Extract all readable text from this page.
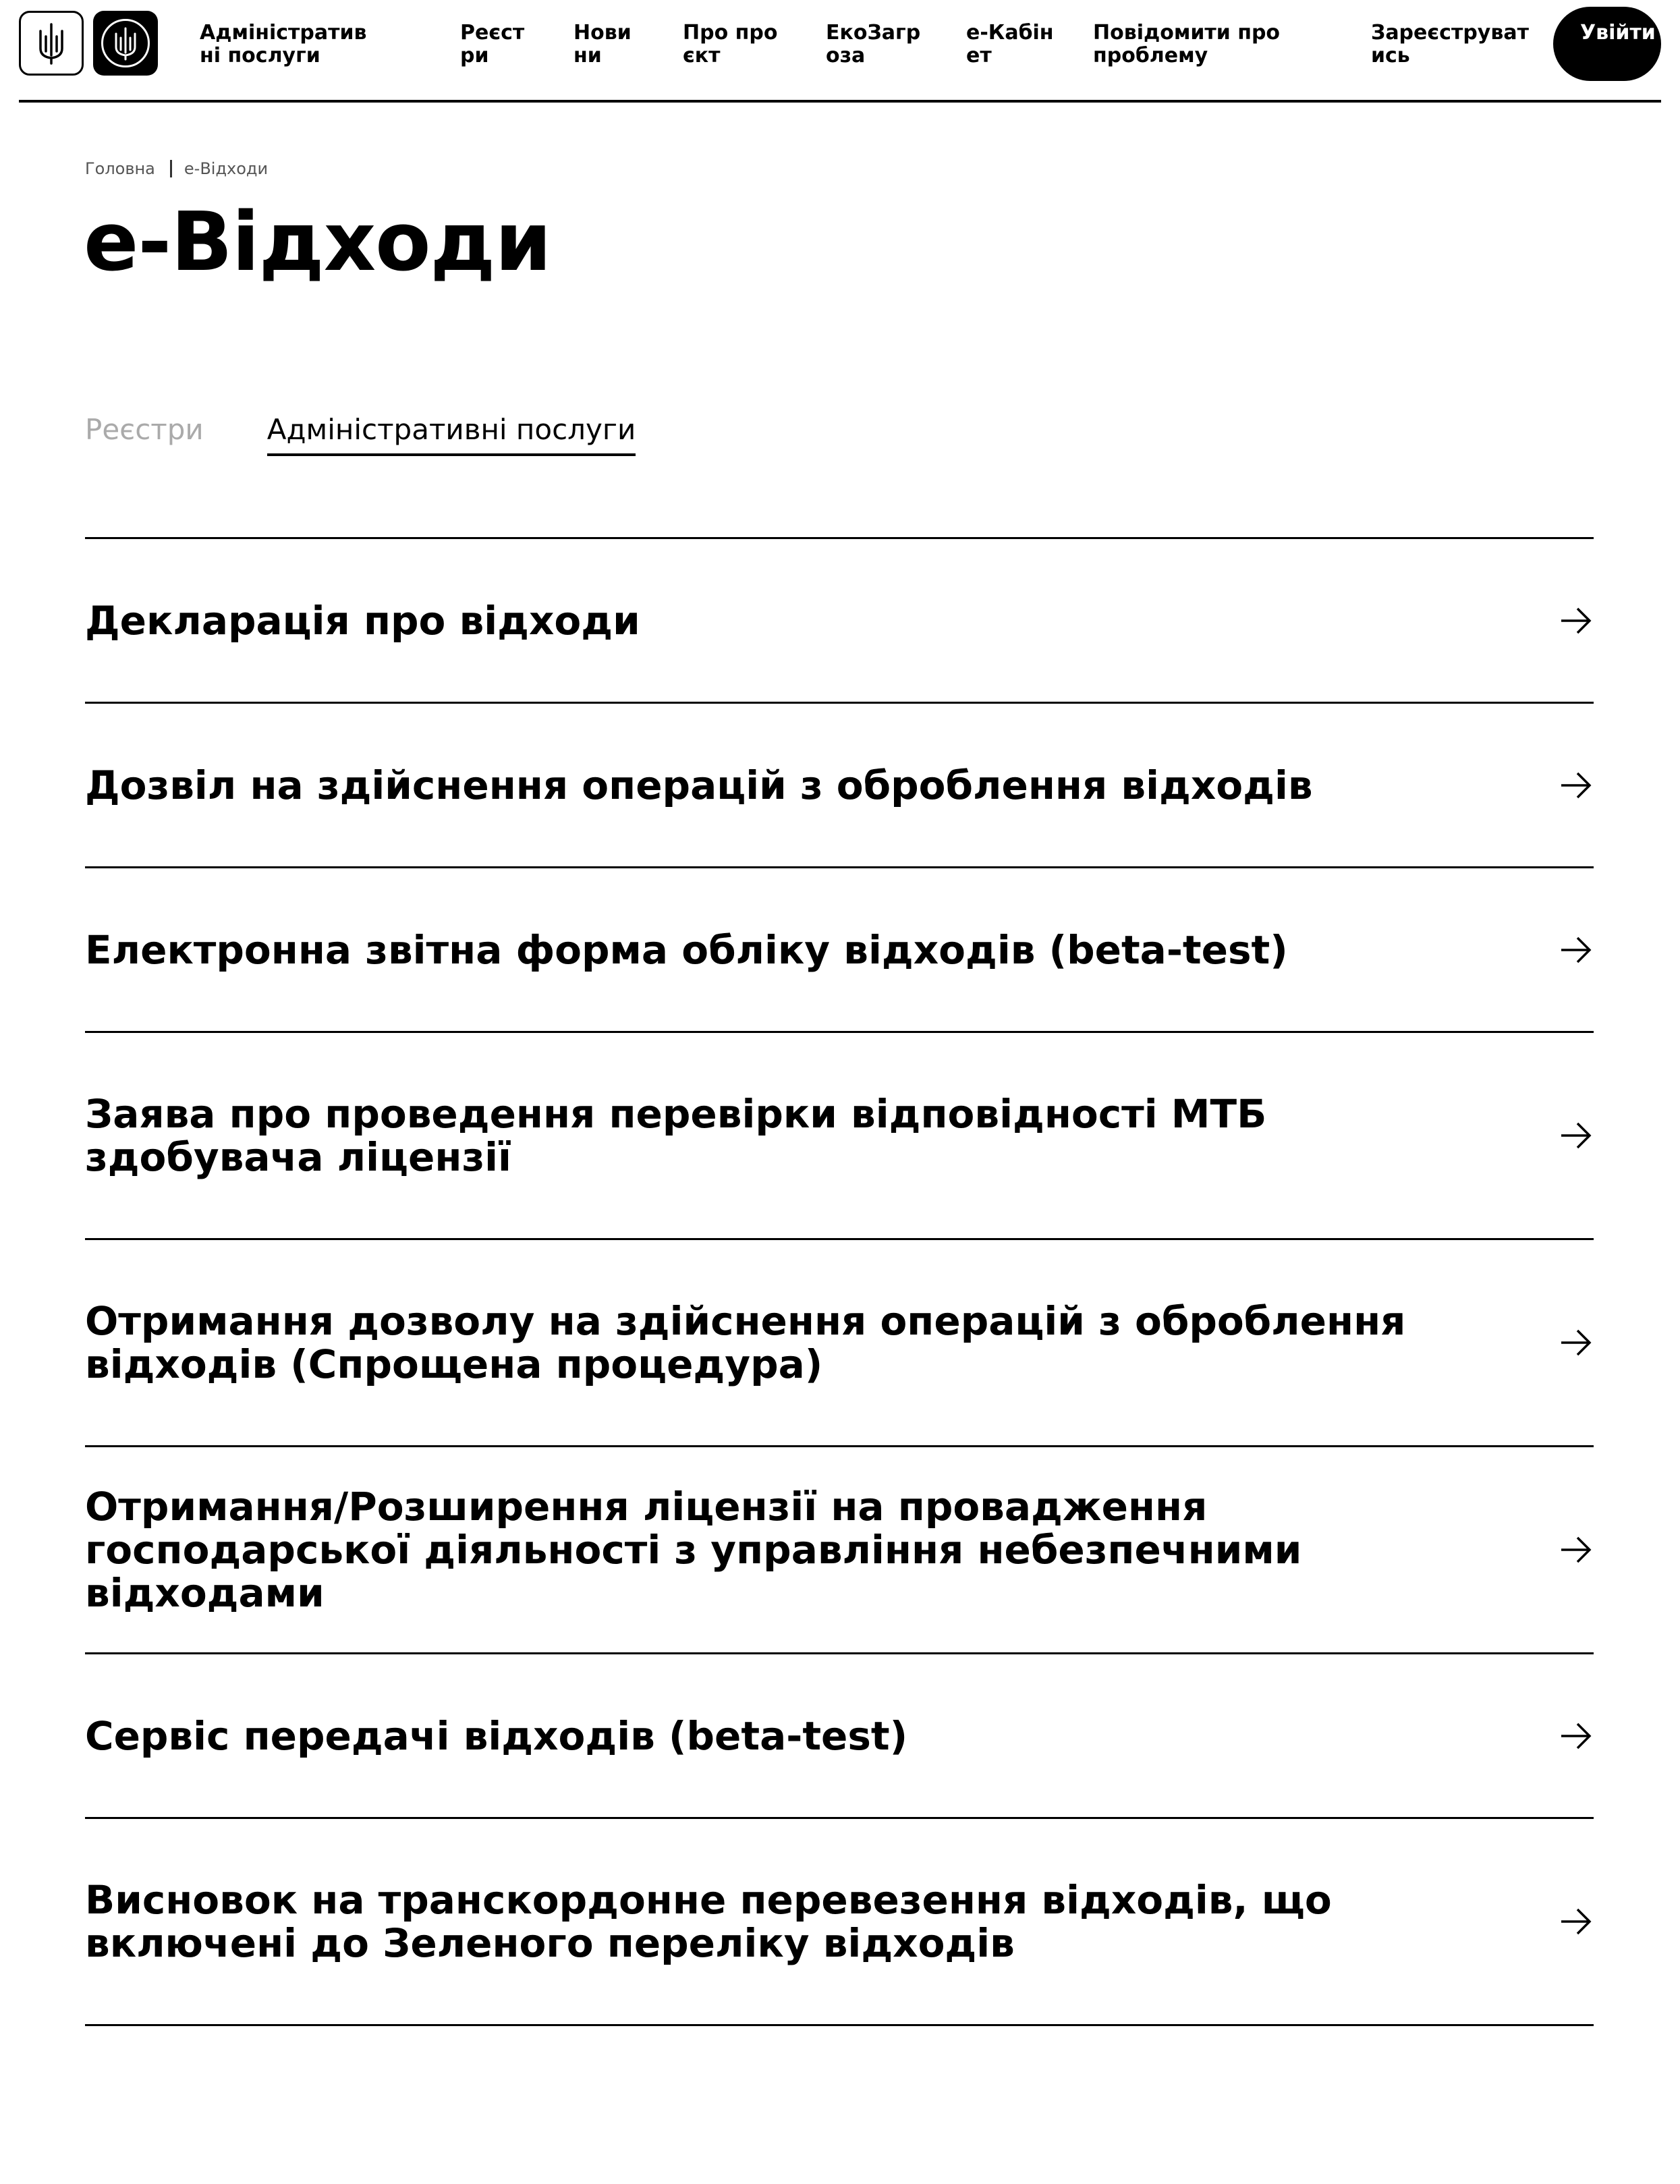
Адміністративні послуги
Реєстри
Новини
Про проєкт
ЕкоЗагроза
е-Кабінет
Повідомити про проблему
Зареєструватись
Увійти
Головна е-Відходи
е-Відходи
Реєстри Адміністративні послуги
Декларація про відходи
Дозвіл на здійснення операцій з оброблення відходів
Електронна звітна форма обліку відходів (beta-test)
Заява про проведення перевірки відповідності МТБ здобувача ліцензії
Отримання дозволу на здійснення операцій з оброблення відходів (Спрощена процедура)
Отримання/Розширення ліцензії на провадження господарської діяльності з управління небезпечними відходами
Сервіс передачі відходів (beta-test)
Висновок на транскордонне перевезення відходів, що включені до Зеленого переліку відходів
